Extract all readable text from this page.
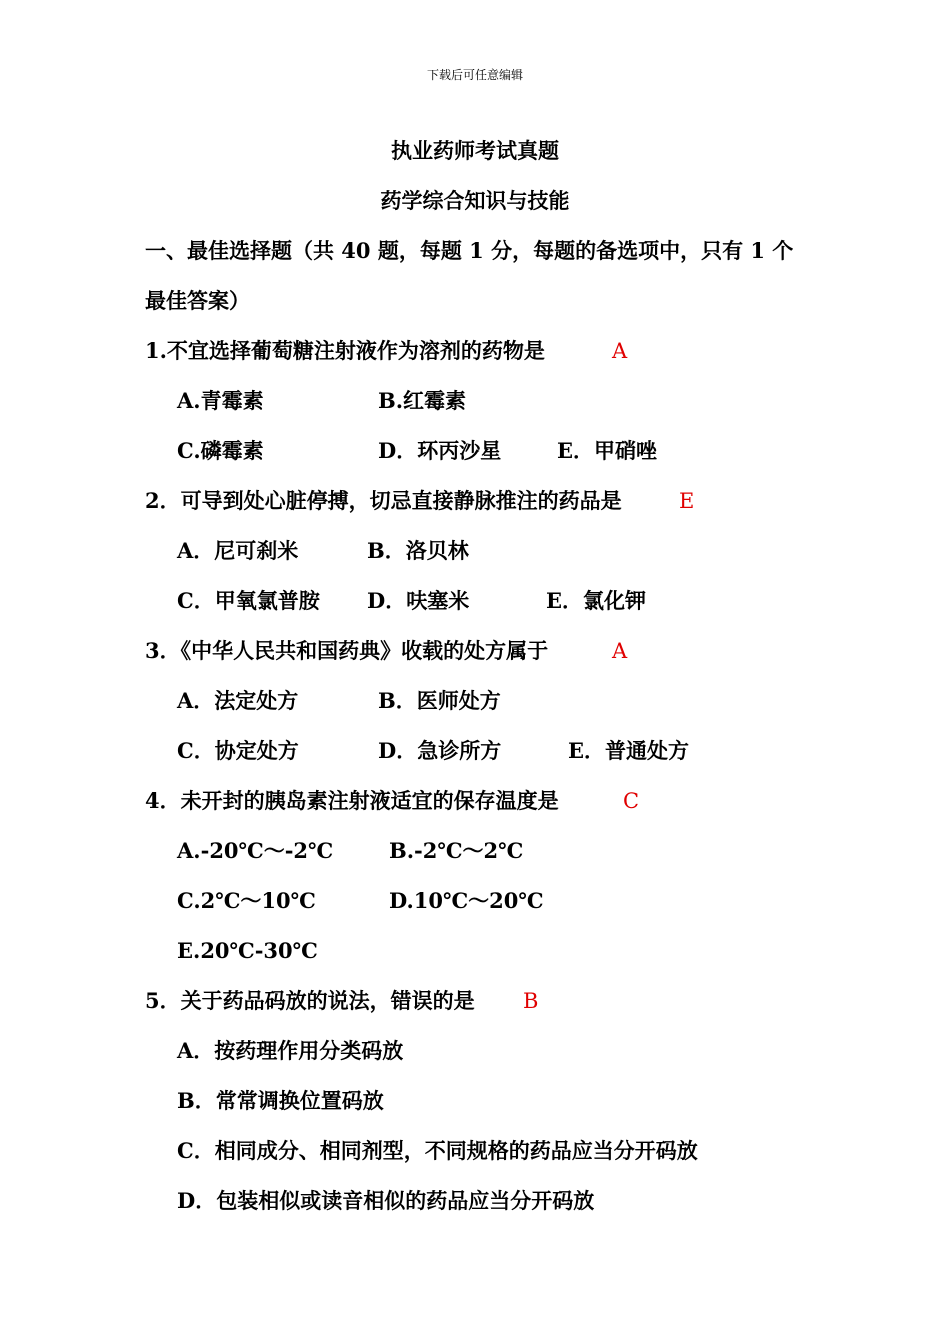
下载后可任意编辑
执业药师考试真题
药学综合知识与技能
一、最佳选择题（共 40 题，每题 1 分，每题的备选项中，只有 1 个
最佳答案）
1.不宜选择葡萄糖注射液作为溶剂的药物是	A
A.青霉素	B.红霉素
C.磷霉素	D．环丙沙星	E．甲硝唑
2．可导到处心脏停搏，切忌直接静脉推注的药品是	E
A．尼可刹米	B．洛贝林
C．甲氧氯普胺 D．呋塞米	E．氯化钾
3．《中华人民共和国药典》收载的处方属于	A
A．法定处方	B．医师处方
C．协定处方	D．急诊所方	E．普通处方
4．未开封的胰岛素注射液适宜的保存温度是	C
A.-20℃～-2℃	B.-2℃～2℃
C.2℃～10℃	D.10℃～20℃
E.20℃-30℃
5．关于药品码放的说法，错误的是 B
A．按药理作用分类码放
B．常常调换位置码放
C．相同成分、相同剂型，不同规格的药品应当分开码放
D．包装相似或读音相似的药品应当分开码放
